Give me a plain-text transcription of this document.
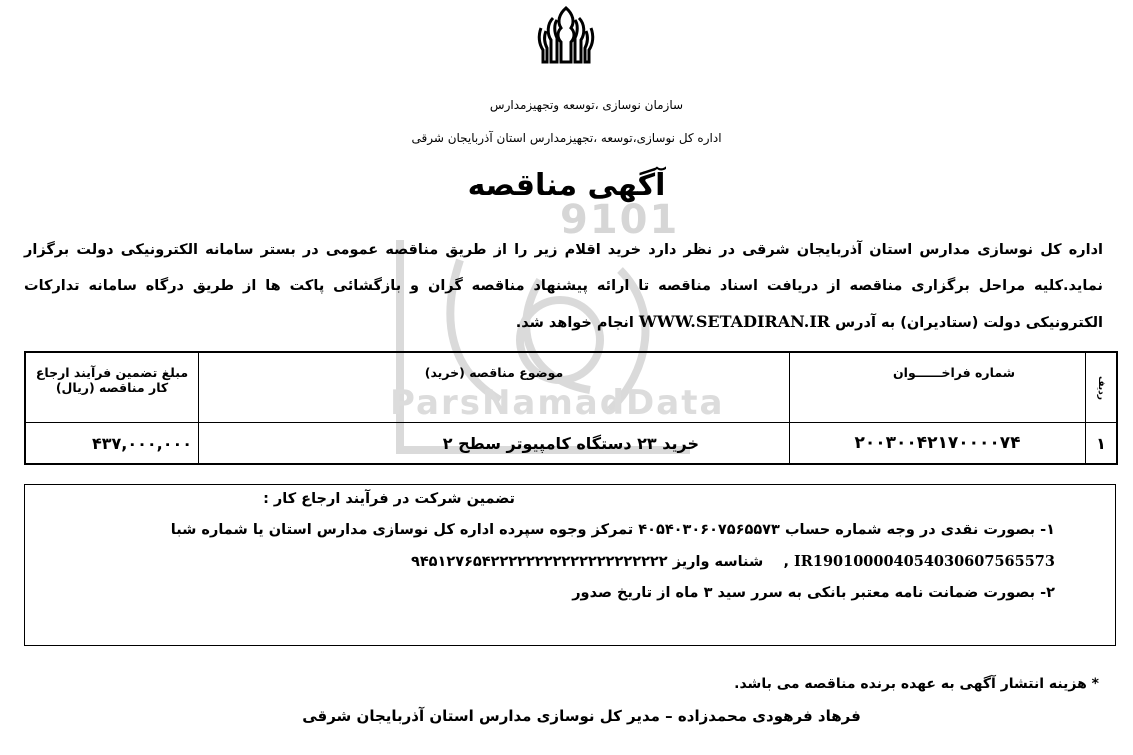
سازمان نوسازی ،توسعه وتجهیزمدارس
اداره کل نوسازی،توسعه ،تجهیزمدارس استان آذربایجان شرقی
آگهی مناقصه
9101
ParsNamadData
اداره کل نوسازی مدارس استان آذربایجان شرقی در نظر دارد خرید اقلام زیر را از طریق مناقصه عمومی در بستر سامانه الکترونیکی دولت برگزار نماید.کلیه مراحل برگزاری مناقصه از دریافت اسناد مناقصه تا ارائه پیشنهاد مناقصه گران و بازگشائی پاکت ها از طریق درگاه سامانه تدارکات الکترونیکی دولت (ستادیران) به آدرس WWW.SETADIRAN.IR انجام خواهد شد.
ردیف	شماره فراخــــــوان	موضوع مناقصه (خرید)	مبلغ تضمین فرآیند ارجاع کار مناقصه (ریال)
۱	۲۰۰۳۰۰۴۲۱۷۰۰۰۰۷۴	خرید ۲۳ دستگاه کامپیوتر سطح ۲	۴۳۷,۰۰۰,۰۰۰
تضمین شرکت در فرآیند ارجاع کار :
۱- بصورت نقدی در وجه شماره حساب ۴۰۵۴۰۳۰۶۰۷۵۶۵۵۷۳ تمرکز وجوه سپرده اداره کل نوسازی مدارس استان یا شماره شبا
IR190100004054030607565573 ,    شناسه واریز ۹۴۵۱۲۷۶۵۴۲۲۲۲۲۲۲۲۲۲۲۲۲۲۲۲۲۲۲۲
۲- بصورت ضمانت نامه معتبر بانکی به سرر سید ۳ ماه از تاریخ صدور
* هزینه انتشار آگهی به عهده برنده مناقصه می باشد.
فرهاد فرهودی محمدزاده – مدیر کل نوسازی مدارس استان آذربایجان شرقی
